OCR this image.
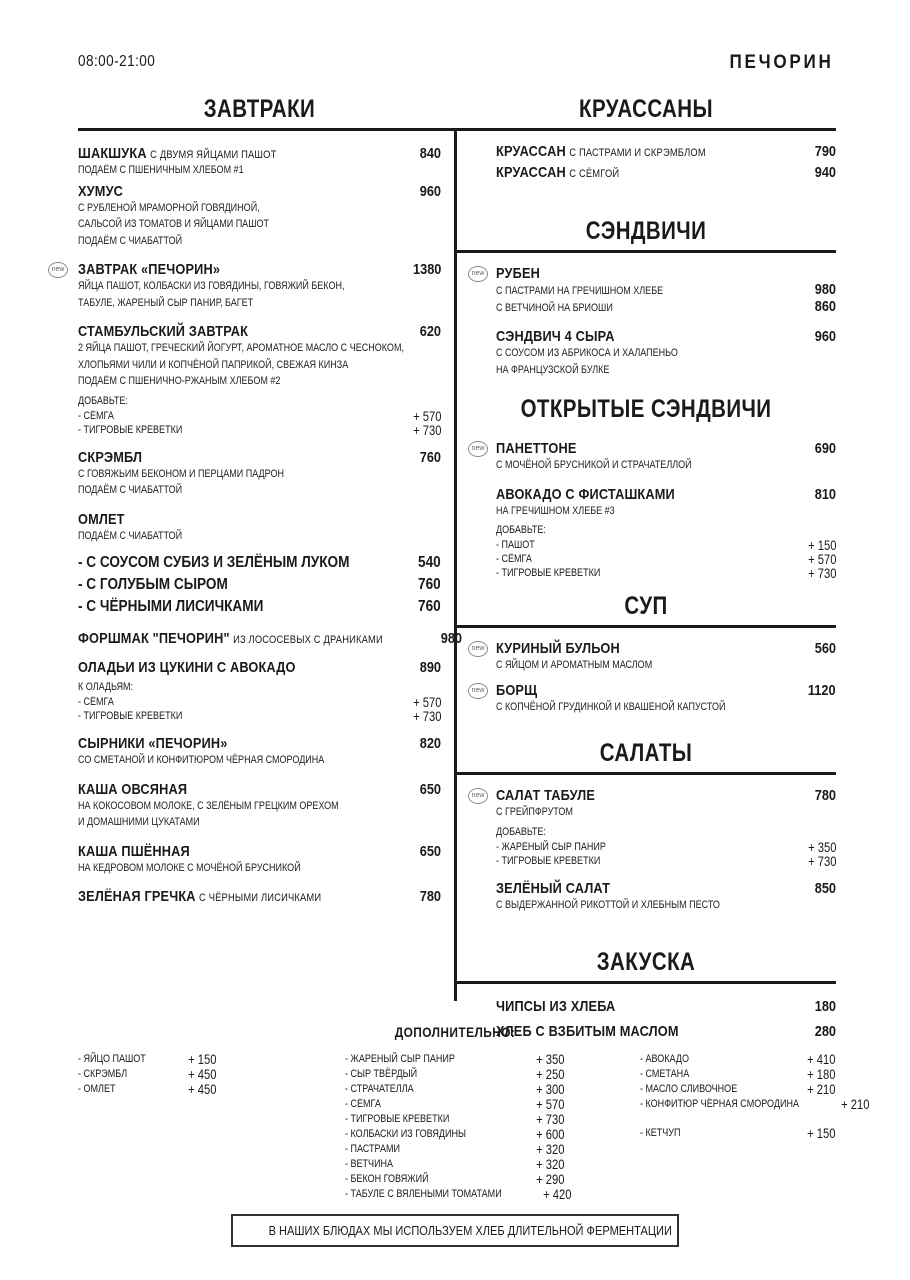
08:00-21:00	ПЕЧОРИН
ЗАВТРАКИ
ШАКШУКА С ДВУМЯ ЯЙЦАМИ ПАШОТ	840
ПОДАЁМ С ПШЕНИЧНЫМ ХЛЕБОМ #1
ХУМУС	960
С РУБЛЕНОЙ МРАМОРНОЙ ГОВЯДИНОЙ,
САЛЬСОЙ ИЗ ТОМАТОВ И ЯЙЦАМИ ПАШОТ
ПОДАЁМ С ЧИАБАТТОЙ
new ЗАВТРАК «ПЕЧОРИН»	1380
ЯЙЦА ПАШОТ, КОЛБАСКИ ИЗ ГОВЯДИНЫ, ГОВЯЖИЙ БЕКОН,
ТАБУЛЕ, ЖАРЕНЫЙ СЫР ПАНИР, БАГЕТ
СТАМБУЛЬСКИЙ ЗАВТРАК	620
2 ЯЙЦА ПАШОТ, ГРЕЧЕСКИЙ ЙОГУРТ, АРОМАТНОЕ МАСЛО С ЧЕСНОКОМ,
ХЛОПЬЯМИ ЧИЛИ И КОПЧЁНОЙ ПАПРИКОЙ, СВЕЖАЯ КИНЗА
ПОДАЁМ С ПШЕНИЧНО-РЖАНЫМ ХЛЕБОМ #2
ДОБАВЬТЕ:
- СЁМГА	+ 570
- ТИГРОВЫЕ КРЕВЕТКИ	+ 730
СКРЭМБЛ	760
С ГОВЯЖЬИМ БЕКОНОМ И ПЕРЦАМИ ПАДРОН
ПОДАЁМ С ЧИАБАТТОЙ
ОМЛЕТ
ПОДАЁМ С ЧИАБАТТОЙ
- С СОУСОМ СУБИЗ И ЗЕЛЁНЫМ ЛУКОМ	540
- С ГОЛУБЫМ СЫРОМ	760
- С ЧЁРНЫМИ ЛИСИЧКАМИ	760
ФОРШМАК "ПЕЧОРИН" ИЗ ЛОСОСЕВЫХ С ДРАНИКАМИ	980
ОЛАДЬИ ИЗ ЦУКИНИ С АВОКАДО	890
К ОЛАДЬЯМ:
- СЁМГА	+ 570
- ТИГРОВЫЕ КРЕВЕТКИ	+ 730
СЫРНИКИ «ПЕЧОРИН»	820
СО СМЕТАНОЙ И КОНФИТЮРОМ ЧЁРНАЯ СМОРОДИНА
КАША ОВСЯНАЯ	650
НА КОКОСОВОМ МОЛОКЕ, С ЗЕЛЁНЫМ ГРЕЦКИМ ОРЕХОМ
И ДОМАШНИМИ ЦУКАТАМИ
КАША ПШЁННАЯ	650
НА КЕДРОВОМ МОЛОКЕ С МОЧЁНОЙ БРУСНИКОЙ
ЗЕЛЁНАЯ ГРЕЧКА С ЧЁРНЫМИ ЛИСИЧКАМИ	780
КРУАССАНЫ
КРУАССАН С ПАСТРАМИ И СКРЭМБЛОМ	790
КРУАССАН С СЁМГОЙ	940
СЭНДВИЧИ
new РУБЕН
С ПАСТРАМИ НА ГРЕЧИШНОМ ХЛЕБЕ	980
С ВЕТЧИНОЙ НА БРИОШИ	860
СЭНДВИЧ 4 СЫРА	960
С СОУСОМ ИЗ АБРИКОСА И ХАЛАПЕНЬО
НА ФРАНЦУЗСКОЙ БУЛКЕ
ОТКРЫТЫЕ СЭНДВИЧИ
new ПАНЕТТОНЕ	690
С МОЧЁНОЙ БРУСНИКОЙ И СТРАЧАТЕЛЛОЙ
АВОКАДО С ФИСТАШКАМИ	810
НА ГРЕЧИШНОМ ХЛЕБЕ #3
ДОБАВЬТЕ:
- ПАШОТ	+ 150
- СЁМГА	+ 570
- ТИГРОВЫЕ КРЕВЕТКИ	+ 730
СУП
new КУРИНЫЙ БУЛЬОН	560
С ЯЙЦОМ И АРОМАТНЫМ МАСЛОМ
new БОРЩ	1120
С КОПЧЁНОЙ ГРУДИНКОЙ И КВАШЕНОЙ КАПУСТОЙ
САЛАТЫ
new САЛАТ ТАБУЛЕ	780
С ГРЕЙПФРУТОМ
ДОБАВЬТЕ:
- ЖАРЕНЫЙ СЫР ПАНИР	+ 350
- ТИГРОВЫЕ КРЕВЕТКИ	+ 730
ЗЕЛЁНЫЙ САЛАТ	850
С ВЫДЕРЖАННОЙ РИКОТТОЙ И ХЛЕБНЫМ ПЕСТО
ЗАКУСКА
ЧИПСЫ ИЗ ХЛЕБА	180
ХЛЕБ С ВЗБИТЫМ МАСЛОМ	280
ДОПОЛНИТЕЛЬНО:
- ЯЙЦО ПАШОТ	+ 150
- СКРЭМБЛ	+ 450
- ОМЛЕТ	+ 450
- ЖАРЕНЫЙ СЫР ПАНИР	+ 350
- СЫР ТВЁРДЫЙ	+ 250
- СТРАЧАТЕЛЛА	+ 300
- СЁМГА	+ 570
- ТИГРОВЫЕ КРЕВЕТКИ	+ 730
- КОЛБАСКИ ИЗ ГОВЯДИНЫ	+ 600
- ПАСТРАМИ	+ 320
- ВЕТЧИНА	+ 320
- БЕКОН ГОВЯЖИЙ	+ 290
- ТАБУЛЕ С ВЯЛЕНЫМИ ТОМАТАМИ	+ 420
- АВОКАДО	+ 410
- СМЕТАНА	+ 180
- МАСЛО СЛИВОЧНОЕ	+ 210
- КОНФИТЮР ЧЁРНАЯ СМОРОДИНА	+ 210
- КЕТЧУП	+ 150
В НАШИХ БЛЮДАХ МЫ ИСПОЛЬЗУЕМ ХЛЕБ ДЛИТЕЛЬНОЙ ФЕРМЕНТАЦИИ
